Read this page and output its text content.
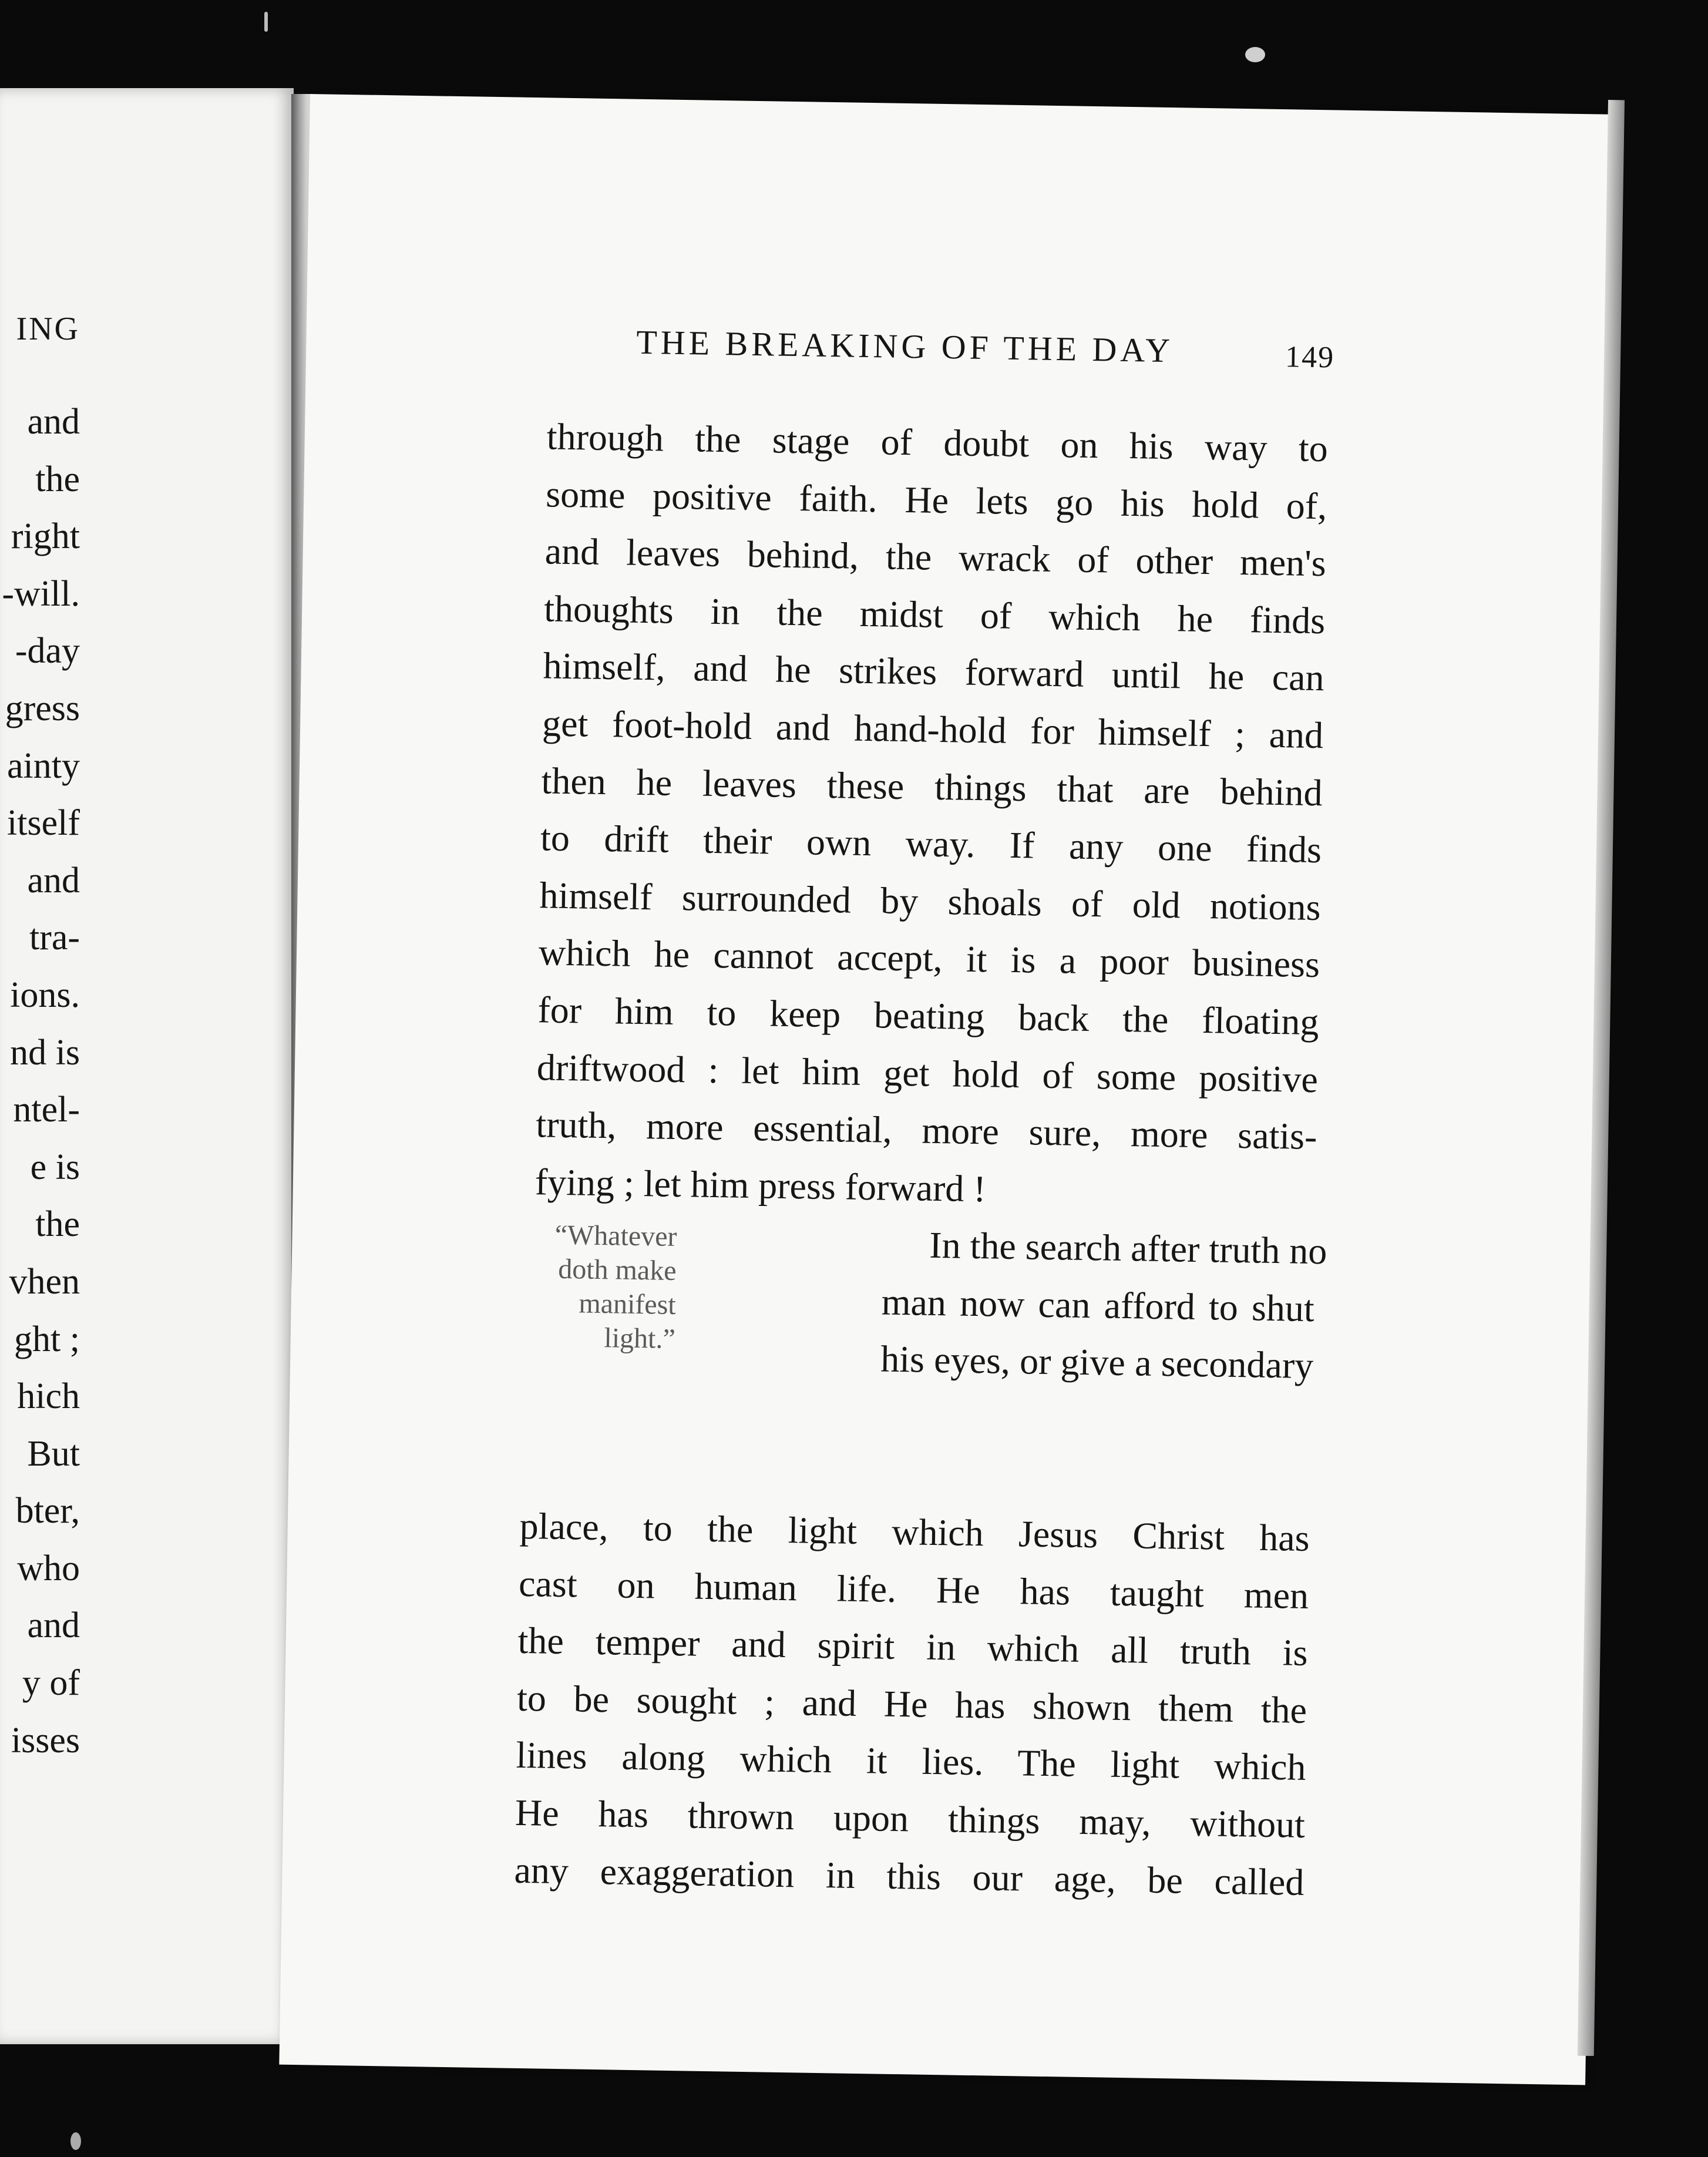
ING
and
the
right
-will.
-day
gress
ainty
itself
and
tra-
ions.
nd is
ntel-
e is
the
vhen
ght ;
hich
But
bter,
who
and
y of
isses
THE BREAKING OF THE DAY	149
through the stage of doubt on his way to
some positive faith. He lets go his hold of,
and leaves behind, the wrack of other men's
thoughts in the midst of which he finds
himself, and he strikes forward until he can
get foot-hold and hand-hold for himself ; and
then he leaves these things that are behind
to drift their own way. If any one finds
himself surrounded by shoals of old notions
which he cannot accept, it is a poor business
for him to keep beating back the floating
driftwood : let him get hold of some positive
truth, more essential, more sure, more satis-
fying ; let him press forward !
“Whatever
doth make
manifest
light.”
In the search after truth no
man now can afford to shut
his eyes, or give a secondary
place, to the light which Jesus Christ has
cast on human life. He has taught men
the temper and spirit in which all truth is
to be sought ; and He has shown them the
lines along which it lies. The light which
He has thrown upon things may, without
any exaggeration in this our age, be called
